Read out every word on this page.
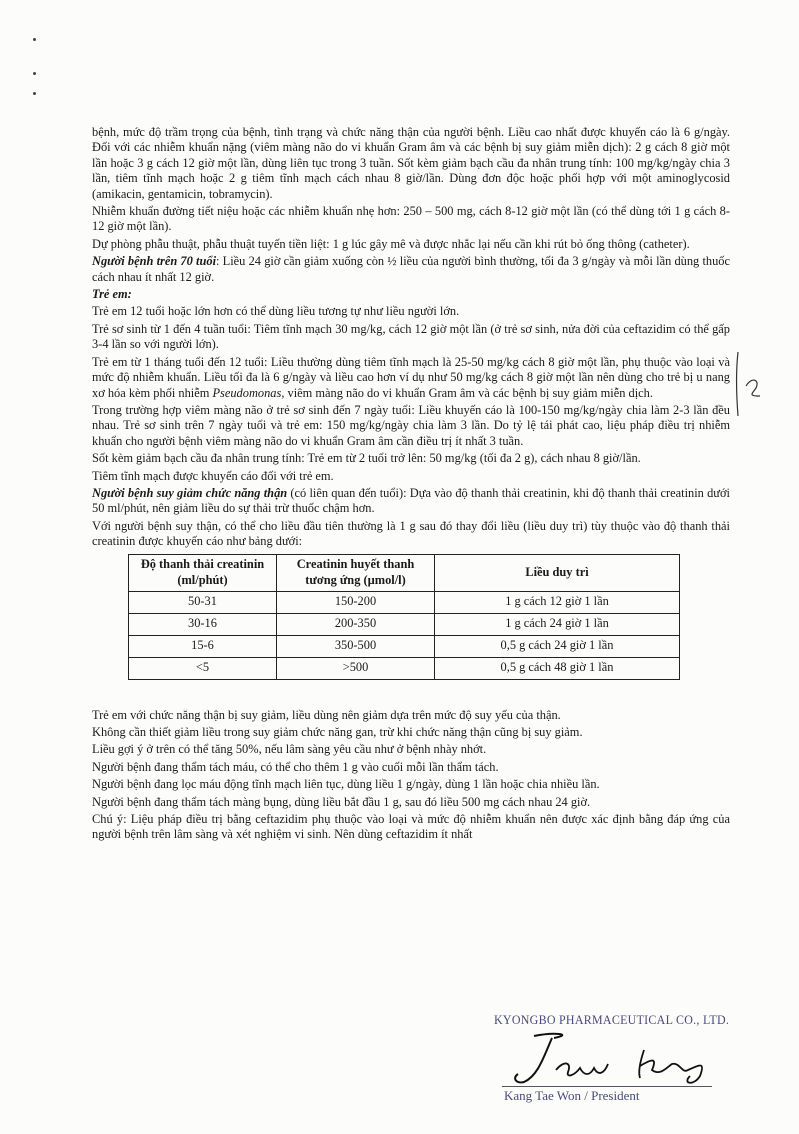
bệnh, mức độ trầm trọng của bệnh, tình trạng và chức năng thận của người bệnh. Liều cao nhất được khuyến cáo là 6 g/ngày. Đối với các nhiễm khuẩn nặng (viêm màng não do vi khuẩn Gram âm và các bệnh bị suy giảm miễn dịch): 2 g cách 8 giờ một lần hoặc 3 g cách 12 giờ một lần, dùng liên tục trong 3 tuần. Sốt kèm giảm bạch cầu đa nhân trung tính: 100 mg/kg/ngày chia 3 lần, tiêm tĩnh mạch hoặc 2 g tiêm tĩnh mạch cách nhau 8 giờ/lần. Dùng đơn độc hoặc phối hợp với một aminoglycosid (amikacin, gentamicin, tobramycin).

Nhiễm khuẩn đường tiết niệu hoặc các nhiễm khuẩn nhẹ hơn: 250 – 500 mg, cách 8-12 giờ một lần (có thể dùng tới 1 g cách 8-12 giờ một lần).

Dự phòng phẫu thuật, phẫu thuật tuyến tiền liệt: 1 g lúc gây mê và được nhắc lại nếu cần khi rút bỏ ống thông (catheter).

Người bệnh trên 70 tuổi: Liều 24 giờ cần giảm xuống còn ½ liều của người bình thường, tối đa 3 g/ngày và mỗi lần dùng thuốc cách nhau ít nhất 12 giờ.

Trẻ em:

Trẻ em 12 tuổi hoặc lớn hơn có thể dùng liều tương tự như liều người lớn.

Trẻ sơ sinh từ 1 đến 4 tuần tuổi: Tiêm tĩnh mạch 30 mg/kg, cách 12 giờ một lần (ở trẻ sơ sinh, nửa đời của ceftazidim có thể gấp 3-4 lần so với người lớn).

Trẻ em từ 1 tháng tuổi đến 12 tuổi: Liều thường dùng tiêm tĩnh mạch là 25-50 mg/kg cách 8 giờ một lần, phụ thuộc vào loại và mức độ nhiễm khuẩn. Liều tối đa là 6 g/ngày và liều cao hơn ví dụ như 50 mg/kg cách 8 giờ một lần nên dùng cho trẻ bị u nang xơ hóa kèm phối nhiễm Pseudomonas, viêm màng não do vi khuẩn Gram âm và các bệnh bị suy giảm miễn dịch.

Trong trường hợp viêm màng não ở trẻ sơ sinh đến 7 ngày tuổi: Liều khuyến cáo là 100-150 mg/kg/ngày chia làm 2-3 lần đều nhau. Trẻ sơ sinh trên 7 ngày tuổi và trẻ em: 150 mg/kg/ngày chia làm 3 lần. Do tỷ lệ tái phát cao, liệu pháp điều trị nhiễm khuẩn cho người bệnh viêm màng não do vi khuẩn Gram âm cần điều trị ít nhất 3 tuần.

Sốt kèm giảm bạch cầu đa nhân trung tính: Trẻ em từ 2 tuổi trở lên: 50 mg/kg (tối đa 2 g), cách nhau 8 giờ/lần.

Tiêm tĩnh mạch được khuyến cáo đối với trẻ em.

Người bệnh suy giảm chức năng thận (có liên quan đến tuổi): Dựa vào độ thanh thải creatinin, khi độ thanh thải creatinin dưới 50 ml/phút, nên giảm liều do sự thải trừ thuốc chậm hơn.

Với người bệnh suy thận, có thể cho liều đầu tiên thường là 1 g sau đó thay đổi liều (liều duy trì) tùy thuộc vào độ thanh thải creatinin được khuyến cáo như bảng dưới:

Độ thanh thải creatinin (ml/phút)	Creatinin huyết thanh tương ứng (µmol/l)	Liều duy trì
50-31	150-200	1 g cách 12 giờ 1 lần
30-16	200-350	1 g cách 24 giờ 1 lần
15-6	350-500	0,5 g cách 24 giờ 1 lần
<5	>500	0,5 g cách 48 giờ 1 lần

Trẻ em với chức năng thận bị suy giảm, liều dùng nên giảm dựa trên mức độ suy yếu của thận.

Không cần thiết giảm liều trong suy giảm chức năng gan, trừ khi chức năng thận cũng bị suy giảm.

Liều gợi ý ở trên có thể tăng 50%, nếu lâm sàng yêu cầu như ở bệnh nhày nhớt.

Người bệnh đang thẩm tách máu, có thể cho thêm 1 g vào cuối mỗi lần thẩm tách.

Người bệnh đang lọc máu động tĩnh mạch liên tục, dùng liều 1 g/ngày, dùng 1 lần hoặc chia nhiều lần.

Người bệnh đang thẩm tách màng bụng, dùng liều bắt đầu 1 g, sau đó liều 500 mg cách nhau 24 giờ.

Chú ý: Liệu pháp điều trị bằng ceftazidim phụ thuộc vào loại và mức độ nhiễm khuẩn nên được xác định bằng đáp ứng của người bệnh trên lâm sàng và xét nghiệm vi sinh. Nên dùng ceftazidim ít nhất

KYONGBO PHARMACEUTICAL CO., LTD.
Kang Tae Won / President
